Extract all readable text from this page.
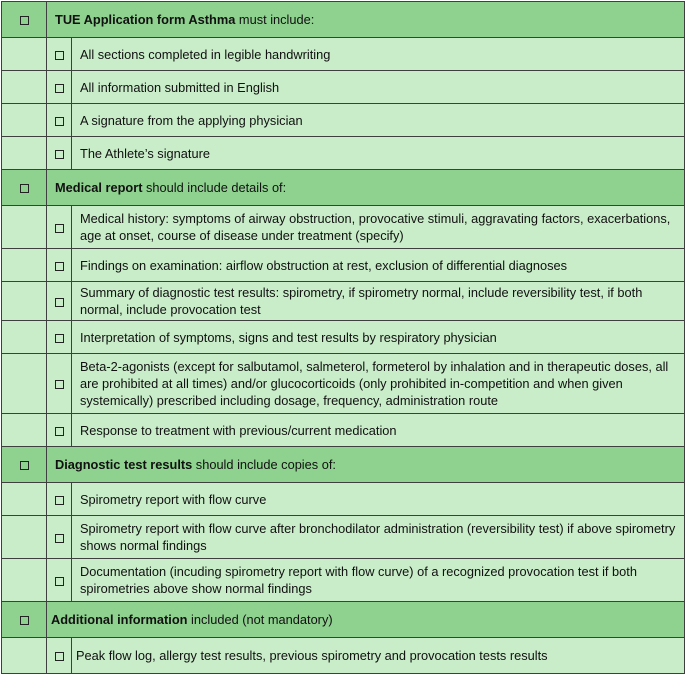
	TUE Application form Asthma must include:	
		All sections completed in legible handwriting
		All information submitted in English
		A signature from the applying physician
		The Athlete’s signature
	Medical report should include details of:	
		Medical history: symptoms of airway obstruction, provocative stimuli, aggravating factors, exacerbations, age at onset, course of disease under treatment (specify)
		Findings on examination: airflow obstruction at rest, exclusion of differential diagnoses
		Summary of diagnostic test results: spirometry, if spirometry normal, include reversibility test, if both normal, include provocation test
		Interpretation of symptoms, signs and test results by respiratory physician
		Beta-2-agonists (except for salbutamol, salmeterol, formeterol by inhalation and in therapeutic doses, all are prohibited at all times) and/or glucocorticoids (only prohibited in-competition and when given systemically) prescribed including dosage, frequency, administration route
		Response to treatment with previous/current medication
	Diagnostic test results should include copies of:	
		Spirometry report with flow curve
		Spirometry report with flow curve after bronchodilator administration (reversibility test) if above spirometry shows normal findings
		Documentation (incuding spirometry report with flow curve) of a recognized provocation test if both spirometries above show normal findings
	Additional information included (not mandatory)	
		Peak flow log, allergy test results, previous spirometry and provocation tests results
